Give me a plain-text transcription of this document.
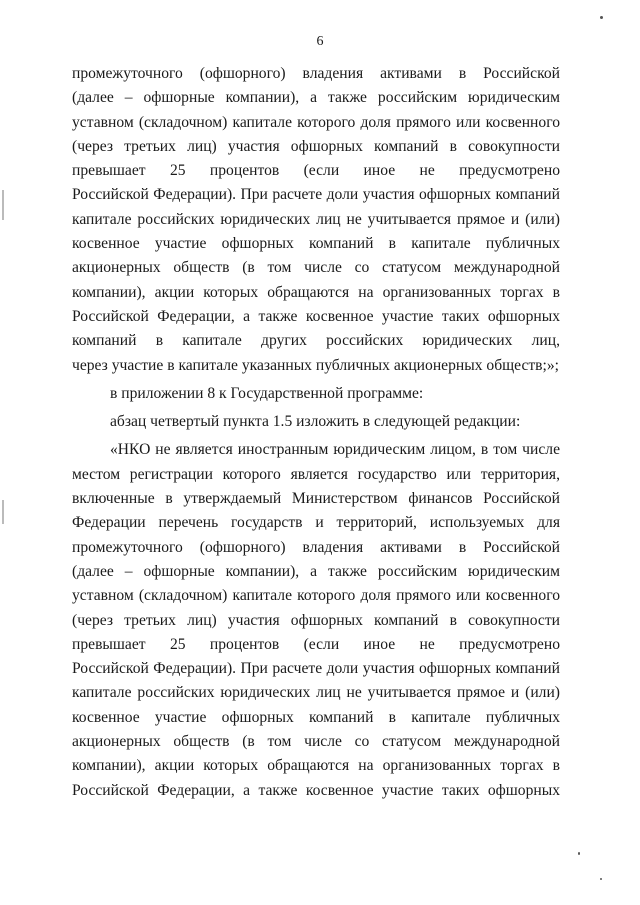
6
промежуточного (офшорного) владения активами в Российской
(далее – офшорные компании), а также российским юридическим
уставном (складочном) капитале которого доля прямого или косвенного
(через третьих лиц) участия офшорных компаний в совокупности
превышает 25 процентов (если иное не предусмотрено
Российской Федерации). При расчете доли участия офшорных компаний
капитале российских юридических лиц не учитывается прямое и (или)
косвенное участие офшорных компаний в капитале публичных
акционерных обществ (в том числе со статусом международной
компании), акции которых обращаются на организованных торгах в
Российской Федерации, а также косвенное участие таких офшорных
компаний в капитале других российских юридических лиц,
через участие в капитале указанных публичных акционерных обществ;»;
в приложении 8 к Государственной программе:
абзац четвертый пункта 1.5 изложить в следующей редакции:
«НКО не является иностранным юридическим лицом, в том числе
местом регистрации которого является государство или территория,
включенные в утверждаемый Министерством финансов Российской
Федерации перечень государств и территорий, используемых для
промежуточного (офшорного) владения активами в Российской
(далее – офшорные компании), а также российским юридическим
уставном (складочном) капитале которого доля прямого или косвенного
(через третьих лиц) участия офшорных компаний в совокупности
превышает 25 процентов (если иное не предусмотрено
Российской Федерации). При расчете доли участия офшорных компаний
капитале российских юридических лиц не учитывается прямое и (или)
косвенное участие офшорных компаний в капитале публичных
акционерных обществ (в том числе со статусом международной
компании), акции которых обращаются на организованных торгах в
Российской Федерации, а также косвенное участие таких офшорных
